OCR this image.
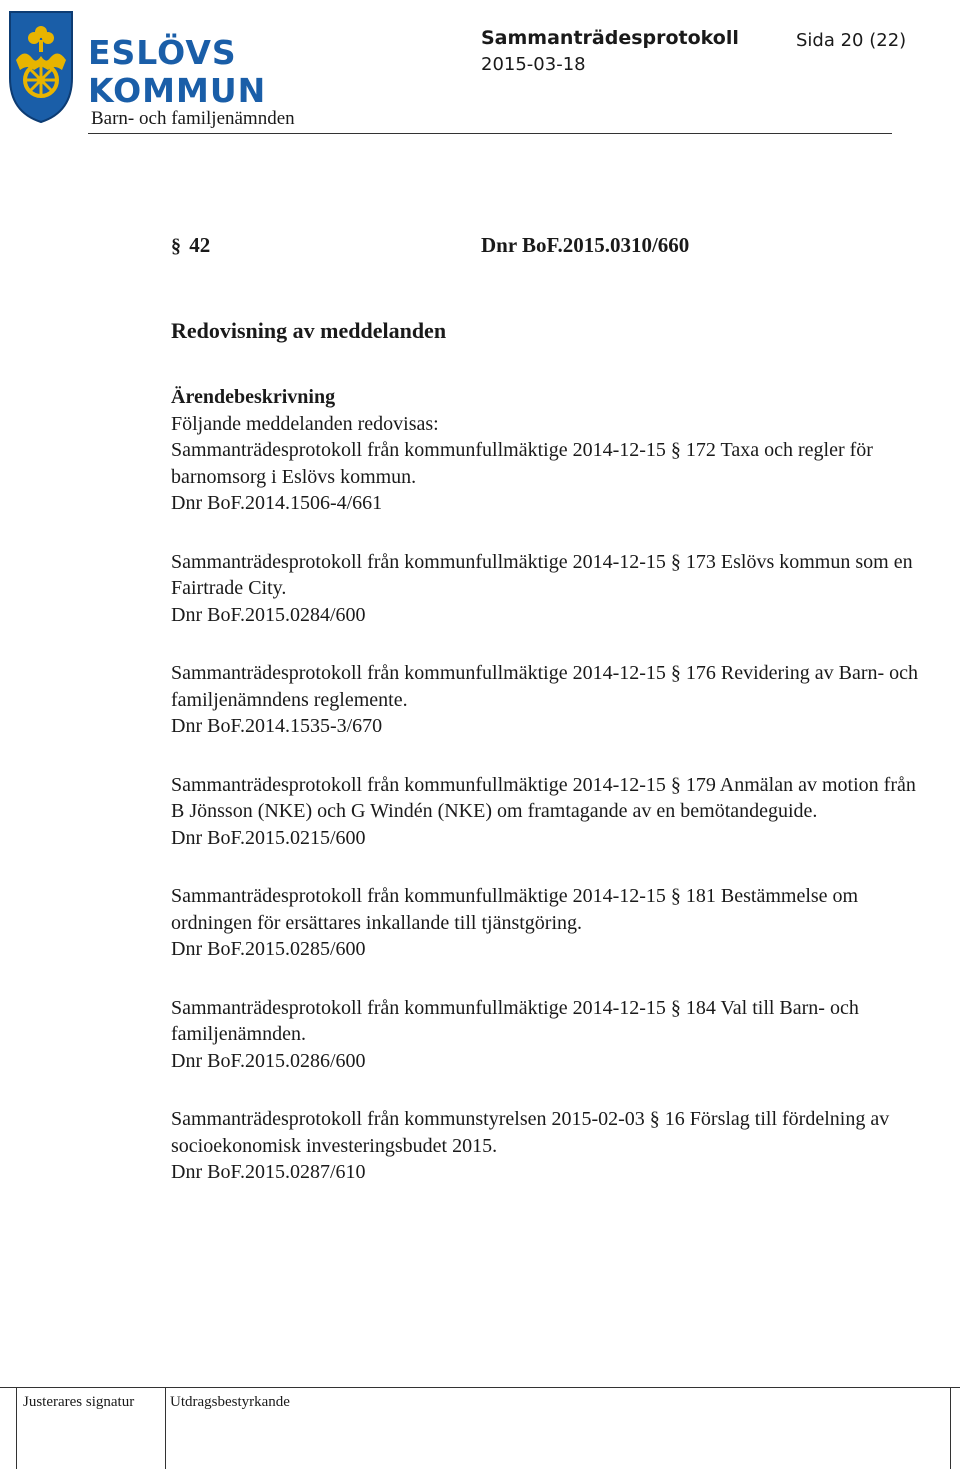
ESLÖVS
KOMMUN
Barn- och familjenämnden
Sammanträdesprotokoll
2015-03-18
Sida 20 (22)
§ 42	Dnr BoF.2015.0310/660
Redovisning av meddelanden
Ärendebeskrivning
Följande meddelanden redovisas:
Sammanträdesprotokoll från kommunfullmäktige 2014-12-15 § 172 Taxa och regler för barnomsorg i Eslövs kommun.
Dnr BoF.2014.1506-4/661
Sammanträdesprotokoll från kommunfullmäktige 2014-12-15 § 173 Eslövs kommun som en Fairtrade City.
Dnr BoF.2015.0284/600
Sammanträdesprotokoll från kommunfullmäktige 2014-12-15 § 176 Revidering av Barn- och familjenämndens reglemente.
Dnr BoF.2014.1535-3/670
Sammanträdesprotokoll från kommunfullmäktige 2014-12-15 § 179 Anmälan av motion från B Jönsson (NKE) och G Windén (NKE) om framtagande av en bemötandeguide.
Dnr BoF.2015.0215/600
Sammanträdesprotokoll från kommunfullmäktige 2014-12-15 § 181 Bestämmelse om ordningen för ersättares inkallande till tjänstgöring.
Dnr BoF.2015.0285/600
Sammanträdesprotokoll från kommunfullmäktige 2014-12-15 § 184 Val till Barn- och familjenämnden.
Dnr BoF.2015.0286/600
Sammanträdesprotokoll från kommunstyrelsen 2015-02-03 § 16 Förslag till fördelning av socioekonomisk investeringsbudet 2015.
Dnr BoF.2015.0287/610
Justerares signatur Utdragsbestyrkande
